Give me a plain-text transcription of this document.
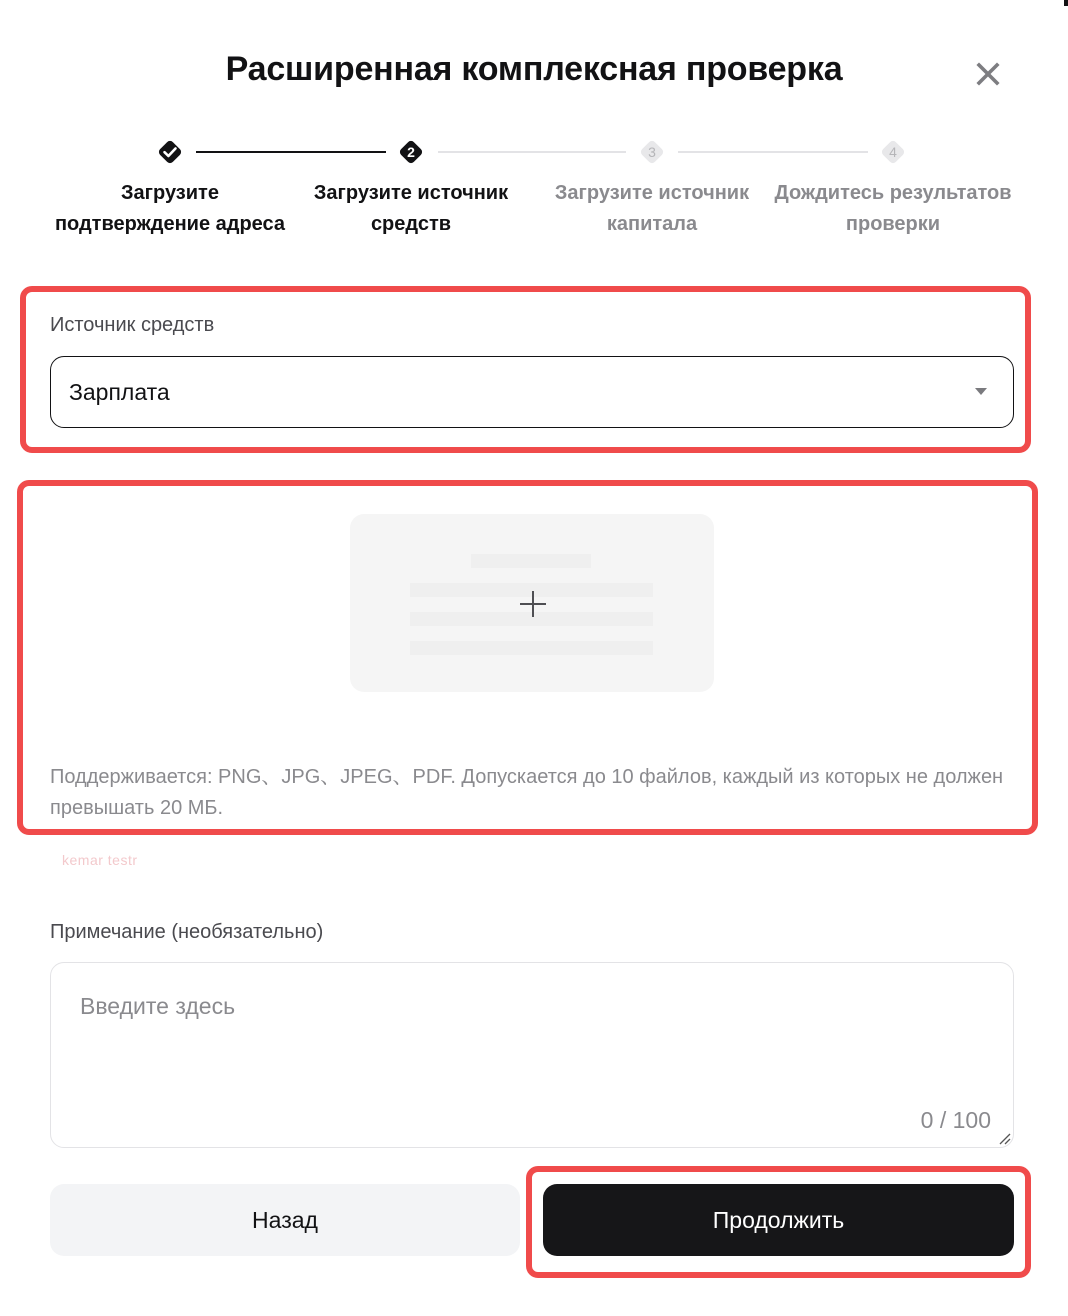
Расширенная комплексная проверка
Загрузите подтверждение адреса
2
Загрузите источник средств
3
Загрузите источник капитала
4
Дождитесь результатов проверки
Источник средств
Зарплата
Поддерживается: PNG、JPG、JPEG、PDF. Допускается до 10 файлов, каждый из которых не должен превышать 20 МБ.
kemar testr
Примечание (необязательно)
Введите здесь
0 / 100
Назад	Продолжить
